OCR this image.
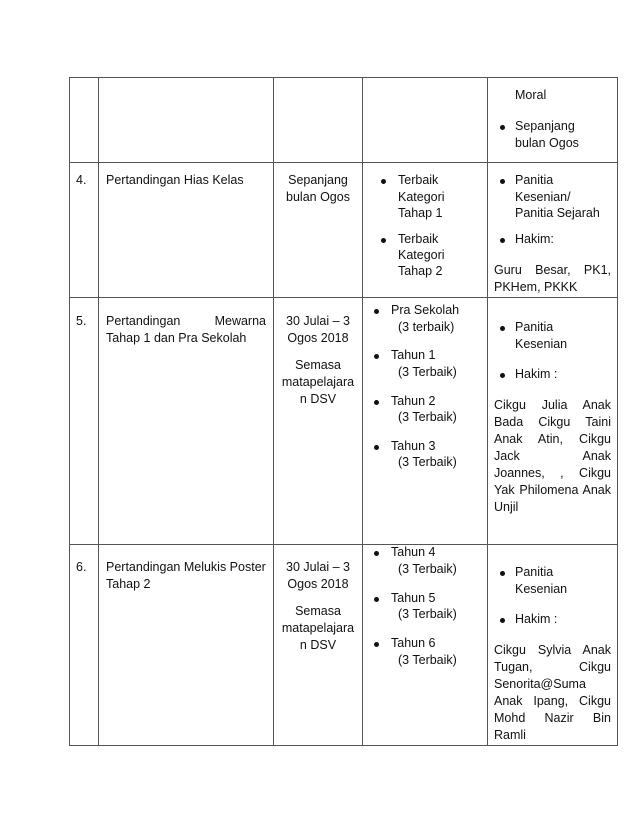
Moral
Sepanjang
bulan Ogos
4. Pertandingan Hias Kelas	Sepanjang
bulan Ogos
Terbaik
Kategori
Tahap 1
Terbaik
Kategori
Tahap 2
Panitia
Kesenian/
Panitia Sejarah
Hakim:
Guru Besar, PK1,
PKHem, PKKK
5. Pertandingan Mewarna
Tahap 1 dan Pra Sekolah
30 Julai – 3
Ogos 2018
Semasa
matapelajara
n DSV
Pra Sekolah
(3 terbaik)
Tahun 1
(3 Terbaik)
Tahun 2
(3 Terbaik)
Tahun 3
(3 Terbaik)
Panitia
Kesenian
Hakim :
Cikgu Julia Anak
Bada Cikgu Taini
Anak Atin, Cikgu
Jack Anak
Joannes, , Cikgu
Yak Philomena Anak
Unjil
6. Pertandingan Melukis Poster
Tahap 2
30 Julai – 3
Ogos 2018
Semasa
matapelajara
n DSV
Tahun 4
(3 Terbaik)
Tahun 5
(3 Terbaik)
Tahun 6
(3 Terbaik)
Panitia
Kesenian
Hakim :
Cikgu Sylvia Anak
Tugan, Cikgu
Senorita@Suma
Anak Ipang, Cikgu
Mohd Nazir Bin
Ramli
